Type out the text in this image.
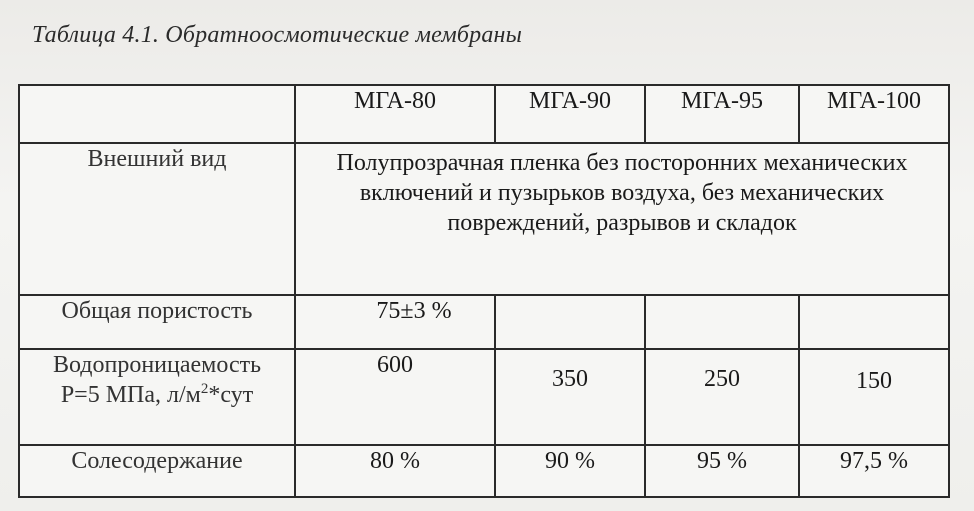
Таблица 4.1. Обратноосмотические мембраны
	МГА-80	МГА-90	МГА-95	МГА-100
Внешний вид	Полупрозрачная пленка без посторонних механических включений и пузырьков воздуха, без механических повреждений, разрывов и складок			
Общая пористость	75±3 %			
Водопроницаемость
Р=5 МПа, $л/м^2*сут$	600	350	250	150
Солесодержание	80 %	90 %	95 %	97,5 %
